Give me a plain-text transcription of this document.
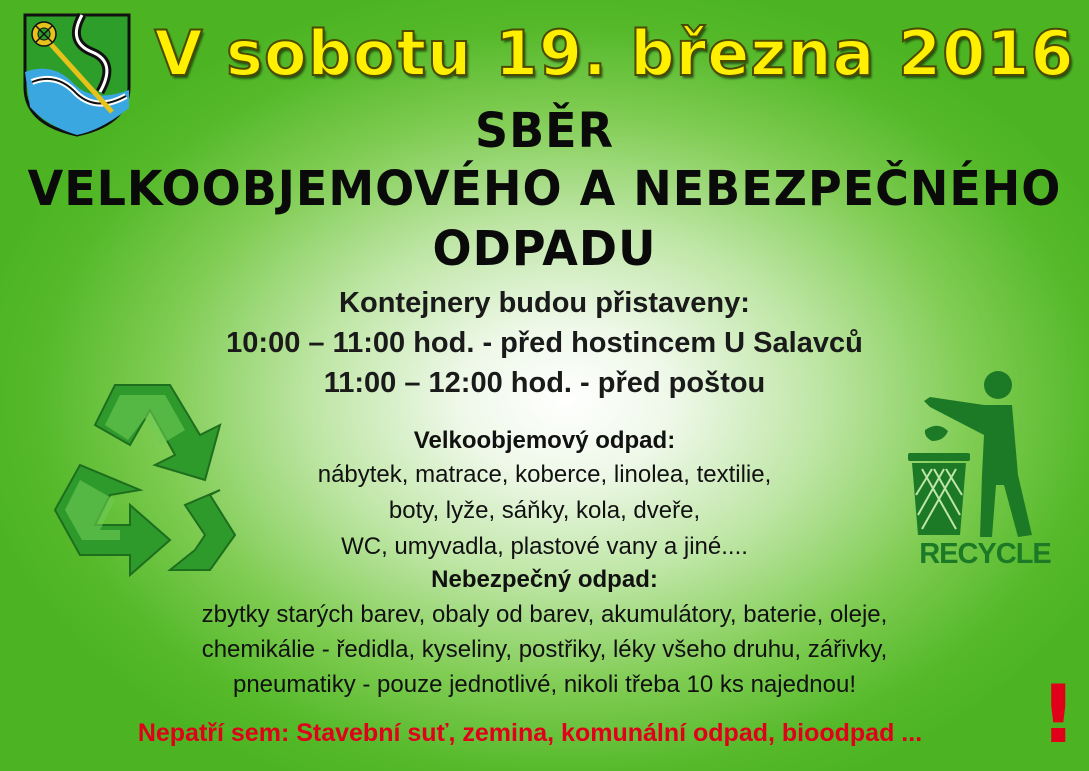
V sobotu 19. března 2016
SBĚR
VELKOOBJEMOVÉHO A NEBEZPEČNÉHO
ODPADU
Kontejnery budou přistaveny:
10:00 – 11:00 hod. - před hostincem U Salavců
11:00 – 12:00 hod. - před poštou
Velkoobjemový odpad:
nábytek, matrace, koberce, linolea, textilie,
boty, lyže, sáňky, kola, dveře,
WC, umyvadla, plastové vany a jiné....
Nebezpečný odpad:
zbytky starých barev, obaly od barev, akumulátory, baterie, oleje,
chemikálie - ředidla, kyseliny, postřiky, léky všeho druhu, zářivky,
pneumatiky - pouze jednotlivé, nikoli třeba 10 ks najednou!
RECYCLE
Nepatří sem: Stavební suť, zemina, komunální odpad, bioodpad ...	!
